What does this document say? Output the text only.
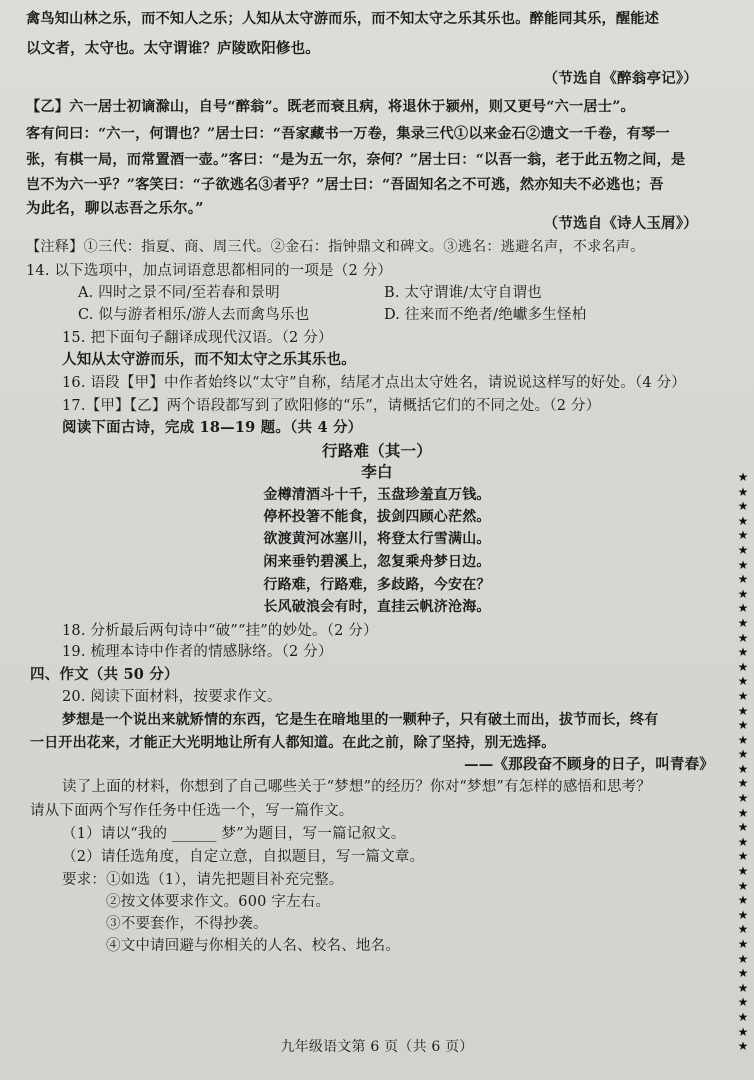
禽鸟知山林之乐，而不知人之乐；人知从太守游而乐，而不知太守之乐其乐也。醉能同其乐，醒能述
以文者，太守也。太守谓谁？庐陵欧阳修也。
（节选自《醉翁亭记》）
【乙】六一居士初谪滁山，自号“醉翁”。既老而衰且病，将退休于颍州，则又更号“六一居士”。
客有问曰：“六一，何谓也？”居士曰：“吾家藏书一万卷，集录三代①以来金石②遗文一千卷，有琴一
张，有棋一局，而常置酒一壶。”客曰：“是为五一尔，奈何？”居士曰：“以吾一翁，老于此五物之间，是
岂不为六一乎？”客笑曰：“子欲逃名③者乎？”居士曰：“吾固知名之不可逃，然亦知夫不必逃也；吾
为此名，聊以志吾之乐尔。”
（节选自《诗人玉屑》）
【注释】①三代：指夏、商、周三代。②金石：指钟鼎文和碑文。③逃名：逃避名声，不求名声。
14. 以下选项中，加点词语意思都相同的一项是（2 分）
A. 四时之景不同/至若春和景明	B. 太守谓谁/太守自谓也
C. 似与游者相乐/游人去而禽鸟乐也	D. 往来而不绝者/绝巘多生怪柏
15. 把下面句子翻译成现代汉语。（2 分）
人知从太守游而乐，而不知太守之乐其乐也。
16. 语段【甲】中作者始终以“太守”自称，结尾才点出太守姓名，请说说这样写的好处。（4 分）
17.【甲】【乙】两个语段都写到了欧阳修的“乐”，请概括它们的不同之处。（2 分）
阅读下面古诗，完成 18—19 题。（共 4 分）
行路难（其一）
李白
金樽清酒斗十千，玉盘珍羞直万钱。
停杯投箸不能食，拔剑四顾心茫然。
欲渡黄河冰塞川，将登太行雪满山。
闲来垂钓碧溪上，忽复乘舟梦日边。
行路难，行路难，多歧路，今安在？
长风破浪会有时，直挂云帆济沧海。
18. 分析最后两句诗中“破”“挂”的妙处。（2 分）
19. 梳理本诗中作者的情感脉络。（2 分）
四、作文（共 50 分）
20. 阅读下面材料，按要求作文。
梦想是一个说出来就矫情的东西，它是生在暗地里的一颗种子，只有破土而出，拔节而长，终有
一日开出花来，才能正大光明地让所有人都知道。在此之前，除了坚持，别无选择。
——《那段奋不顾身的日子，叫青春》
读了上面的材料，你想到了自己哪些关于“梦想”的经历？你对“梦想”有怎样的感悟和思考？
请从下面两个写作任务中任选一个，写一篇作文。
（1）请以“我的 ______ 梦”为题目，写一篇记叙文。
（2）请任选角度，自定立意，自拟题目，写一篇文章。
要求：①如选（1），请先把题目补充完整。
②按文体要求作文。600 字左右。
③不要套作，不得抄袭。
④文中请回避与你相关的人名、校名、地名。
九年级语文第 6 页（共 6 页）
★
★
★
★
★
★
★
★
★
★
★
★
★
★
★
★
★
★
★
★
★
★
★
★
★
★
★
★
★
★
★
★
★
★
★
★
★
★
★
★
